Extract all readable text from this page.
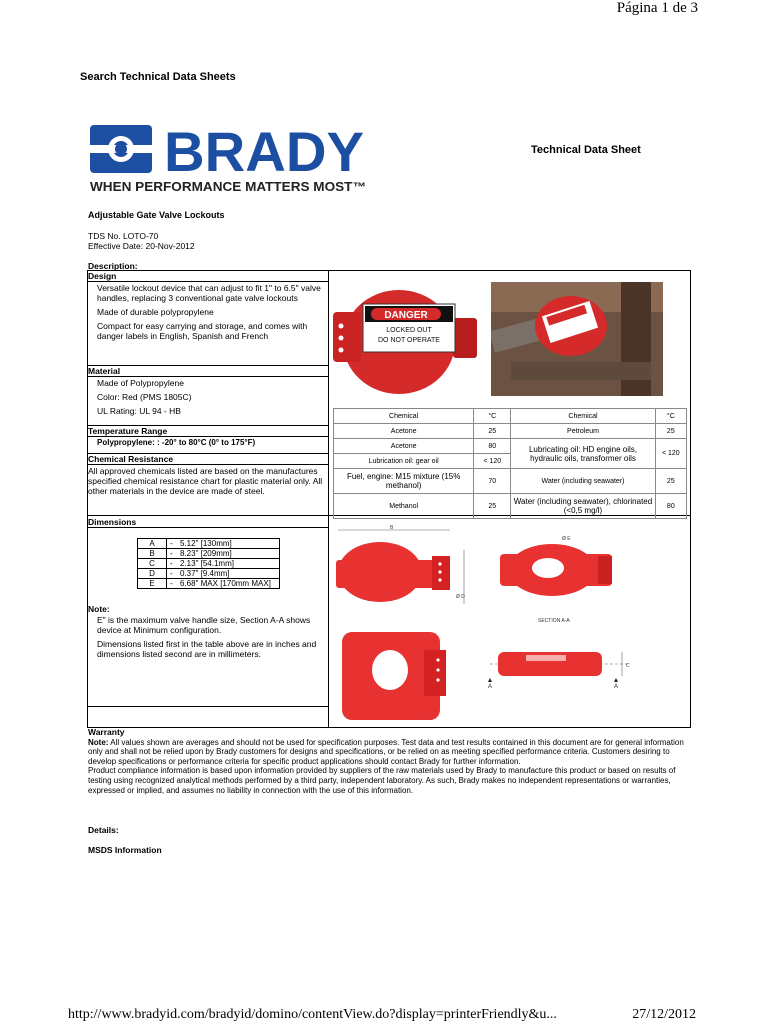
Página 1 de 3
Search Technical Data Sheets
BRADY
WHEN PERFORMANCE MATTERS MOST™
Technical Data Sheet
Adjustable Gate Valve Lockouts
TDS No. LOTO-70
Effective Date: 20-Nov-2012
Description:
Design
Versatile lockout device that can adjust to fit 1" to 6.5" valve handles, replacing 3 conventional gate valve lockouts
Made of durable polypropylene
Compact for easy carrying and storage, and comes with danger labels in English, Spanish and French
Material
Made of Polypropylene
Color: Red (PMS 1805C)
UL Rating: UL 94 - HB
Temperature Range
Polypropylene: : -20° to 80°C (0° to 175°F)
Chemical Resistance
All approved chemicals listed are based on the manufactures specified chemical resistance chart for plastic material only. All other materials in the device are made of steel.
DANGER
LOCKED OUT
DO NOT OPERATE
Chemical	°C	Chemical	°C
Acetone	25	Petroleum	25
Acetone	80	Lubricating oil: HD engine oils, hydraulic oils, transformer oils	< 120
Lubrication oil: gear oil	< 120		
Fuel, engine: M15 mixture (15% methanol)	70	Water (including seawater)	25
Methanol	25	Water (including seawater), chlorinated (<0,5 mg/l)	80
Dimensions
A	-	5.12" [130mm]
B	-	8.23" [209mm]
C	-	2.13" [54.1mm]
D	-	0.37" [9.4mm]
E	-	6.68" MAX [170mm MAX]
Note:
E" is the maximum valve handle size, Section A-A shows device at Minimum configuration.
Dimensions listed first in the table above are in inches and dimensions listed second are in millimeters.
B
Ø D
Ø E
SECTION A-A
C
A	A
Warranty
Note: All values shown are averages and should not be used for specification purposes. Test data and test results contained in this document are for general information only and shall not be relied upon by Brady customers for designs and specifications, or be relied on as meeting specified performance criteria. Customers desiring to develop specifications or performance criteria for specific product applications should contact Brady for further information.
Product compliance information is based upon information provided by suppliers of the raw materials used by Brady to manufacture this product or based on results of testing using recognized analytical methods performed by a third party, independent laboratory. As such, Brady makes no independent representations or warranties, expressed or implied, and assumes no liability in connection with the use of this information.
Details:
MSDS Information
http://www.bradyid.com/bradyid/domino/contentView.do?display=printerFriendly&u...	27/12/2012
